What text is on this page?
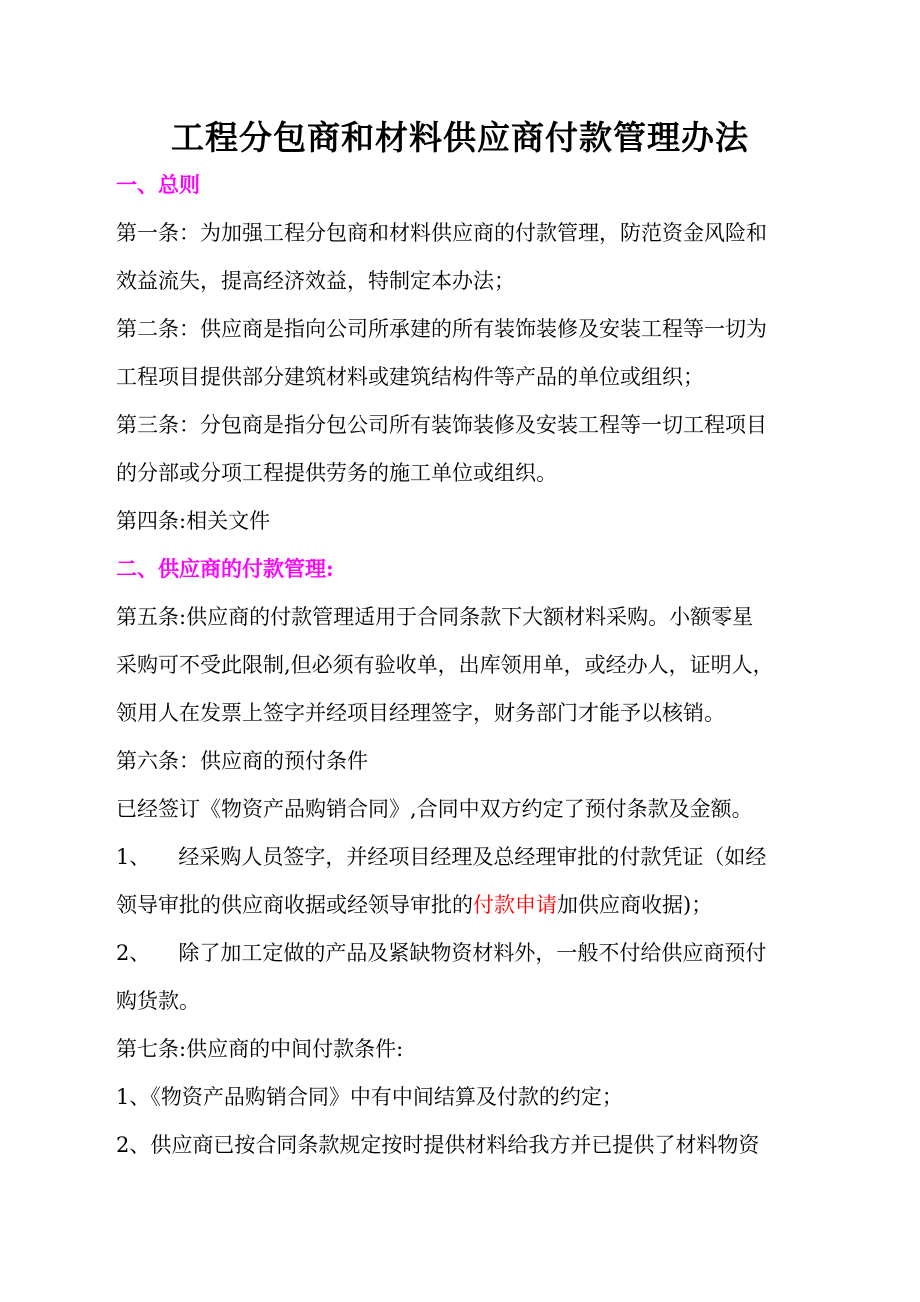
工程分包商和材料供应商付款管理办法
一、总则
第一条：为加强工程分包商和材料供应商的付款管理，防范资金风险和
效益流失，提高经济效益，特制定本办法；
第二条：供应商是指向公司所承建的所有装饰装修及安装工程等一切为
工程项目提供部分建筑材料或建筑结构件等产品的单位或组织；
第三条：分包商是指分包公司所有装饰装修及安装工程等一切工程项目
的分部或分项工程提供劳务的施工单位或组织。
第四条:相关文件
二、供应商的付款管理:
第五条:供应商的付款管理适用于合同条款下大额材料采购。小额零星
采购可不受此限制,但必须有验收单，出库领用单，或经办人，证明人，
领用人在发票上签字并经项目经理签字，财务部门才能予以核销。
第六条：供应商的预付条件
已经签订《物资产品购销合同》,合同中双方约定了预付条款及金额。
1、 经采购人员签字，并经项目经理及总经理审批的付款凭证（如经
领导审批的供应商收据或经领导审批的付款申请加供应商收据)；
2、 除了加工定做的产品及紧缺物资材料外，一般不付给供应商预付
购货款。
第七条:供应商的中间付款条件:
1、《物资产品购销合同》中有中间结算及付款的约定；
2、供应商已按合同条款规定按时提供材料给我方并已提供了材料物资
